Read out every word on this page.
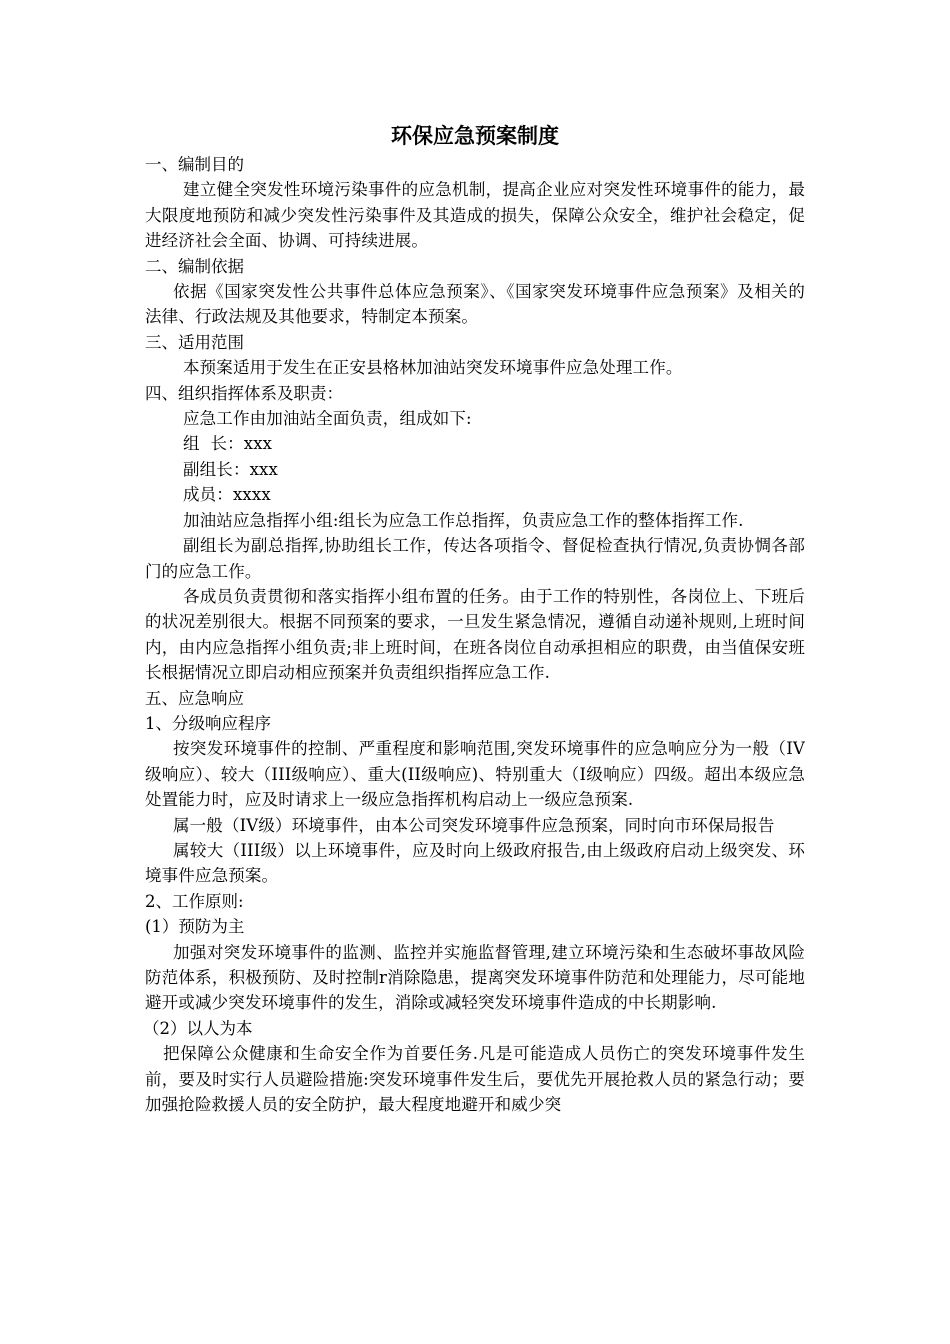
环保应急预案制度

一、编制目的

建立健全突发性环境污染事件的应急机制，提高企业应对突发性环境事件的能力，最大限度地预防和减少突发性污染事件及其造成的损失，保障公众安全，维护社会稳定，促进经济社会全面、协调、可持续进展。

二、编制依据

依据《国家突发性公共事件总体应急预案》、《国家突发环境事件应急预案》及相关的法律、行政法规及其他要求，特制定本预案。

三、适用范围

本预案适用于发生在正安县格林加油站突发环境事件应急处理工作。

四、组织指挥体系及职责：

应急工作由加油站全面负责，组成如下:

组  长：xxx

副组长：xxx

成员：xxxx

加油站应急指挥小组:组长为应急工作总指挥，负责应急工作的整体指挥工作.

副组长为副总指挥,协助组长工作，传达各项指令、督促检查执行情况,负责协惆各部门的应急工作。

各成员负责贯彻和落实指挥小组布置的任务。由于工作的特别性，各岗位上、下班后的状况差别很大。根据不同预案的要求，一旦发生紧急情况，遵循自动递补规则,上班时间内，由内应急指挥小组负责;非上班时间，在班各岗位自动承担相应的职费，由当值保安班长根据情况立即启动相应预案并负责组织指挥应急工作.

五、应急响应

1、分级响应程序

按突发环境事件的控制、严重程度和影响范围,突发环境事件的应急响应分为一般（IV级响应）、较大（III级响应）、重大(II级响应)、特别重大（I级响应）四级。超出本级应急处置能力时，应及时请求上一级应急指挥机构启动上一级应急预案.

属一般（IV级）环境事件，由本公司突发环境事件应急预案，同时向市环保局报告

属较大（III级）以上环境事件，应及时向上级政府报告,由上级政府启动上级突发、环境事件应急预案。

2、工作原则:

(1）预防为主

加强对突发环境事件的监测、监控并实施监督管理,建立环境污染和生态破坏事故风险防范体系，积极预防、及时控制r消除隐患，提离突发环境事件防范和处理能力，尽可能地避开或减少突发环境事件的发生，消除或减轻突发环境事件造成的中长期影响.

（2）以人为本

把保障公众健康和生命安全作为首要任务.凡是可能造成人员伤亡的突发环境事件发生前，要及时实行人员避险措施:突发环境事件发生后，要优先开展抢救人员的紧急行动；要加强抢险救援人员的安全防护，最大程度地避开和威少突
